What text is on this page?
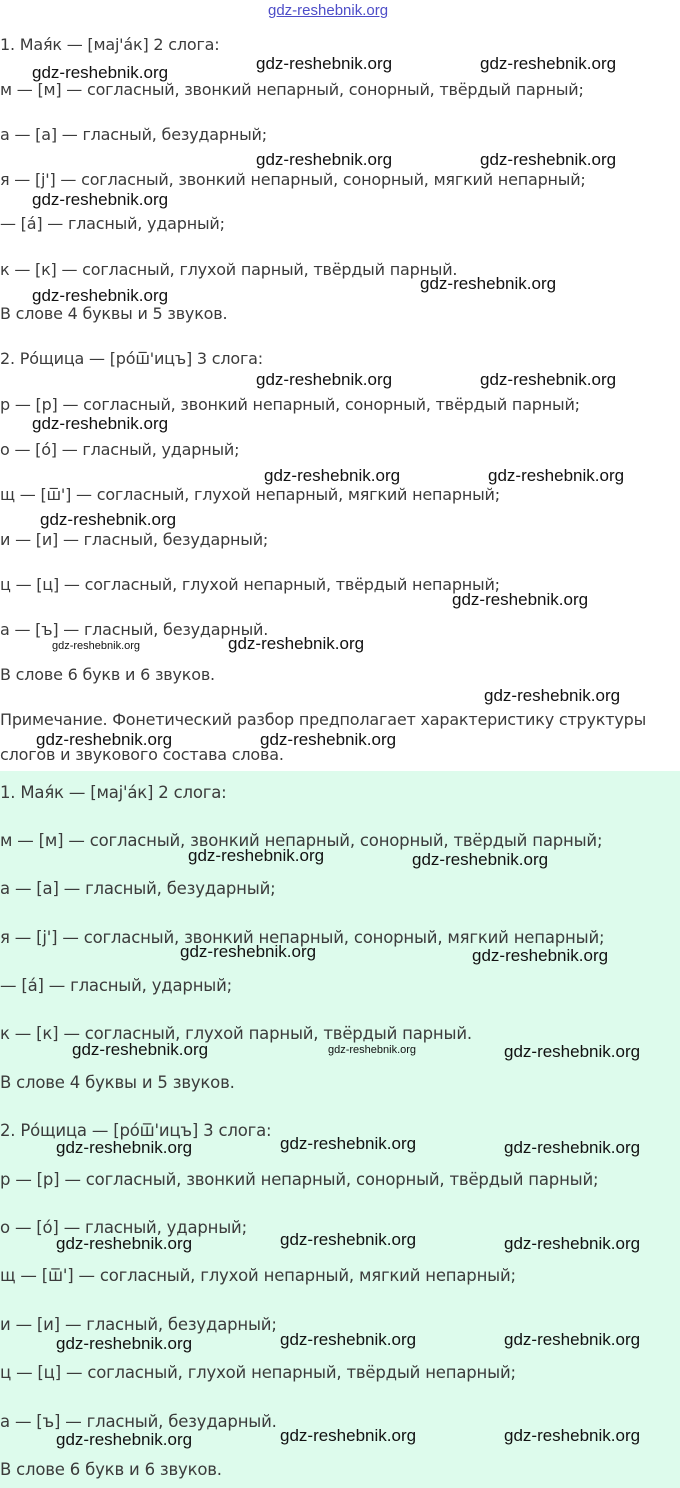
gdz-reshebnik.org
gdz-reshebnik.org	gdz-reshebnik.org
gdz-reshebnik.org
gdz-reshebnik.org	gdz-reshebnik.org
gdz-reshebnik.org
gdz-reshebnik.org
gdz-reshebnik.org
gdz-reshebnik.org	gdz-reshebnik.org
gdz-reshebnik.org
gdz-reshebnik.org	gdz-reshebnik.org
gdz-reshebnik.org
gdz-reshebnik.org
gdz-reshebnik.org	gdz-reshebnik.org
gdz-reshebnik.org
gdz-reshebnik.org	gdz-reshebnik.org
gdz-reshebnik.org	gdz-reshebnik.org
gdz-reshebnik.org	gdz-reshebnik.org
gdz-reshebnik.org	gdz-reshebnik.org	gdz-reshebnik.org
gdz-reshebnik.org	gdz-reshebnik.org	gdz-reshebnik.org
gdz-reshebnik.org	gdz-reshebnik.org	gdz-reshebnik.org
gdz-reshebnik.org	gdz-reshebnik.org	gdz-reshebnik.org
gdz-reshebnik.org	gdz-reshebnik.org	gdz-reshebnik.org
1. Мая́к — [маj'а́к] 2 слога:
м — [м] — согласный, звонкий непарный, сонорный, твёрдый парный;
а — [а] — гласный, безударный;
я — [j'] — согласный, звонкий непарный, сонорный, мягкий непарный;
— [а́] — гласный, ударный;
к — [к] — согласный, глухой парный, твёрдый парный.
В слове 4 буквы и 5 звуков.
2. Ро́щица — [ро́ш̅'ицъ] 3 слога:
р — [р] — согласный, звонкий непарный, сонорный, твёрдый парный;
о — [о́] — гласный, ударный;
щ — [ш̅'] — согласный, глухой непарный, мягкий непарный;
и — [и] — гласный, безударный;
ц — [ц] — согласный, глухой непарный, твёрдый непарный;
а — [ъ] — гласный, безударный.
В слове 6 букв и 6 звуков.
Примечание. Фонетический разбор предполагает характеристику структуры
слогов и звукового состава слова.
1. Мая́к — [маj'а́к] 2 слога:
м — [м] — согласный, звонкий непарный, сонорный, твёрдый парный;
а — [а] — гласный, безударный;
я — [j'] — согласный, звонкий непарный, сонорный, мягкий непарный;
— [а́] — гласный, ударный;
к — [к] — согласный, глухой парный, твёрдый парный.
В слове 4 буквы и 5 звуков.
2. Ро́щица — [ро́ш̅'ицъ] 3 слога:
р — [р] — согласный, звонкий непарный, сонорный, твёрдый парный;
о — [о́] — гласный, ударный;
щ — [ш̅'] — согласный, глухой непарный, мягкий непарный;
и — [и] — гласный, безударный;
ц — [ц] — согласный, глухой непарный, твёрдый непарный;
а — [ъ] — гласный, безударный.
В слове 6 букв и 6 звуков.
